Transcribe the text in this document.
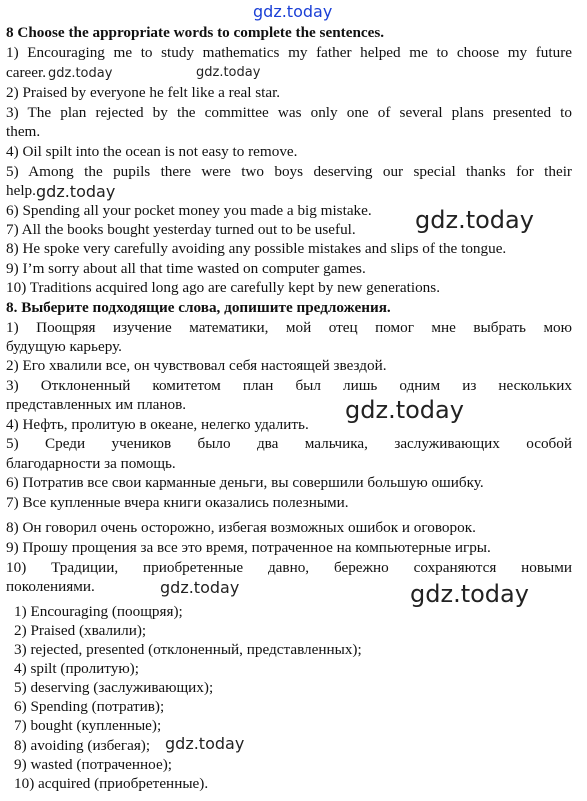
gdz.today
gdz.today	gdz.today
gdz.today
gdz.today
gdz.today
gdz.today	gdz.today
gdz.today
8 Choose the appropriate words to complete the sentences.
1) Encouraging me to study mathematics my father helped me to choose my future
career.
2) Praised by everyone he felt like a real star.
3) The plan rejected by the committee was only one of several plans presented to
them.
4) Oil spilt into the ocean is not easy to remove.
5) Among the pupils there were two boys deserving our special thanks for their
help.
6) Spending all your pocket money you made a big mistake.
7) All the books bought yesterday turned out to be useful.
8) He spoke very carefully avoiding any possible mistakes and slips of the tongue.
9) I’m sorry about all that time wasted on computer games.
10) Traditions acquired long ago are carefully kept by new generations.
8. Выберите подходящие слова, допишите предложения.
1) Поощряя изучение математики, мой отец помог мне выбрать мою
будущую карьеру.
2) Его хвалили все, он чувствовал себя настоящей звездой.
3) Отклоненный комитетом план был лишь одним из нескольких
представленных им планов.
4) Нефть, пролитую в океане, нелегко удалить.
5) Среди учеников было два мальчика, заслуживающих особой
благодарности за помощь.
6) Потратив все свои карманные деньги, вы совершили большую ошибку.
7) Все купленные вчера книги оказались полезными.
8) Он говорил очень осторожно, избегая возможных ошибок и оговорок.
9) Прошу прощения за все это время, потраченное на компьютерные игры.
10) Традиции, приобретенные давно, бережно сохраняются новыми
поколениями.
1) Encouraging (поощряя);
2) Praised (хвалили);
3) rejected, presented (отклоненный, представленных);
4) spilt (пролитую);
5) deserving (заслуживающих);
6) Spending (потратив);
7) bought (купленные);
8) avoiding (избегая);
9) wasted (потраченное);
10) acquired (приобретенные).
